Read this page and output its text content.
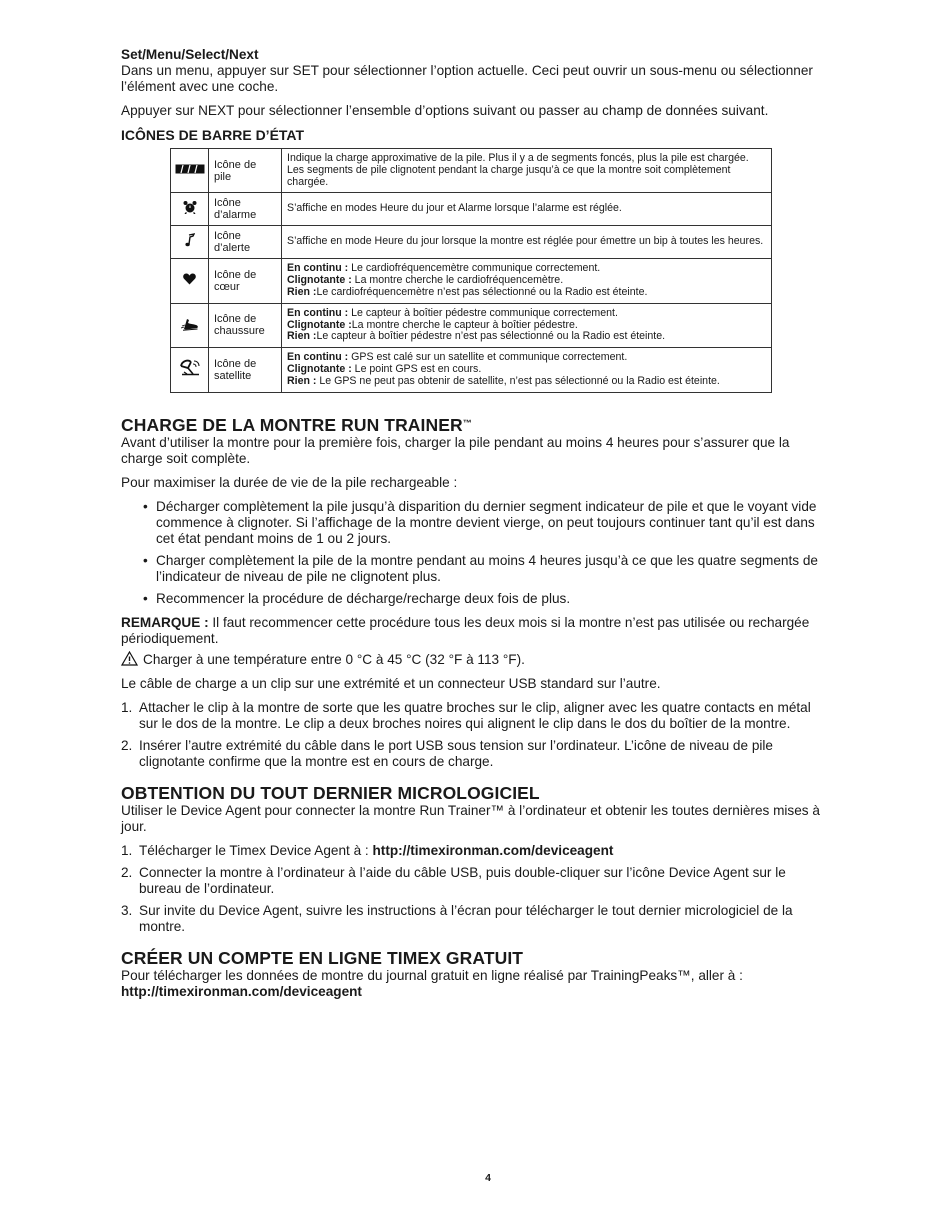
Set/Menu/Select/Next

Dans un menu, appuyer sur SET pour sélectionner l’option actuelle. Ceci peut ouvrir un sous-menu ou sélectionner l’élément avec une coche.

Appuyer sur NEXT pour sélectionner l’ensemble d’options suivant ou passer au champ de données suivant.

ICÔNES DE BARRE D’ÉTAT
	Icône de pile	Indique la charge approximative de la pile. Plus il y a de segments foncés, plus la pile est chargée. Les segments de pile clignotent pendant la charge jusqu’à ce que la montre soit complètement chargée.
	Icône d’alarme	S’affiche en modes Heure du jour et Alarme lorsque l’alarme est réglée.
	Icône d’alerte	S’affiche en mode Heure du jour lorsque la montre est réglée pour émettre un bip à toutes les heures.
	Icône de cœur	En continu : Le cardiofréquencemètre communique correctement.
Clignotante : La montre cherche le cardiofréquencemètre.
Rien :Le cardiofréquencemètre n’est pas sélectionné ou la Radio est éteinte.

	Icône de chaussure	En continu : Le capteur à boîtier pédestre communique correctement.
Clignotante :La montre cherche le capteur à boîtier pédestre.
Rien :Le capteur à boîtier pédestre n’est pas sélectionné ou la Radio est éteinte.

	Icône de satellite	En continu : GPS est calé sur un satellite et communique correctement.
Clignotante : Le point GPS est en cours.
Rien : Le GPS ne peut pas obtenir de satellite, n’est pas sélectionné ou la Radio est éteinte.
CHARGE DE LA MONTRE RUN TRAINER™

Avant d’utiliser la montre pour la première fois, charger la pile pendant au moins 4 heures pour s’assurer que la charge soit complète.

Pour maximiser la durée de vie de la pile rechargeable :

• Décharger complètement la pile jusqu’à disparition du dernier segment indicateur de pile et que le voyant vide commence à clignoter. Si l’affichage de la montre devient vierge, on peut toujours continuer tant qu’il est dans cet état pendant moins de 1 ou 2 jours.
• Charger complètement la pile de la montre pendant au moins 4 heures jusqu’à ce que les quatre segments de l’indicateur de niveau de pile ne clignotent plus.
• Recommencer la procédure de décharge/recharge deux fois de plus.

REMARQUE : Il faut recommencer cette procédure tous les deux mois si la montre n’est pas utilisée ou rechargée périodiquement.

Charger à une température entre 0 °C à 45 °C (32 °F à 113 °F).

Le câble de charge a un clip sur une extrémité et un connecteur USB standard sur l’autre.

1. Attacher le clip à la montre de sorte que les quatre broches sur le clip, aligner avec les quatre contacts en métal sur le dos de la montre. Le clip a deux broches noires qui alignent le clip dans le dos du boîtier de la montre.
2. Insérer l’autre extrémité du câble dans le port USB sous tension sur l’ordinateur. L’icône de niveau de pile clignotante confirme que la montre est en cours de charge.
OBTENTION DU TOUT DERNIER MICROLOGICIEL

Utiliser le Device Agent pour connecter la montre Run Trainer™ à l’ordinateur et obtenir les toutes dernières mises à jour.

1. Télécharger le Timex Device Agent à : http://timexironman.com/deviceagent
2. Connecter la montre à l’ordinateur à l’aide du câble USB, puis double-cliquer sur l’icône Device Agent sur le bureau de l’ordinateur.
3. Sur invite du Device Agent, suivre les instructions à l’écran pour télécharger le tout dernier micrologiciel de la montre.
CRÉER UN COMPTE EN LIGNE TIMEX GRATUIT

Pour télécharger les données de montre du journal gratuit en ligne réalisé par TrainingPeaks™, aller à :

http://timexironman.com/deviceagent

4
